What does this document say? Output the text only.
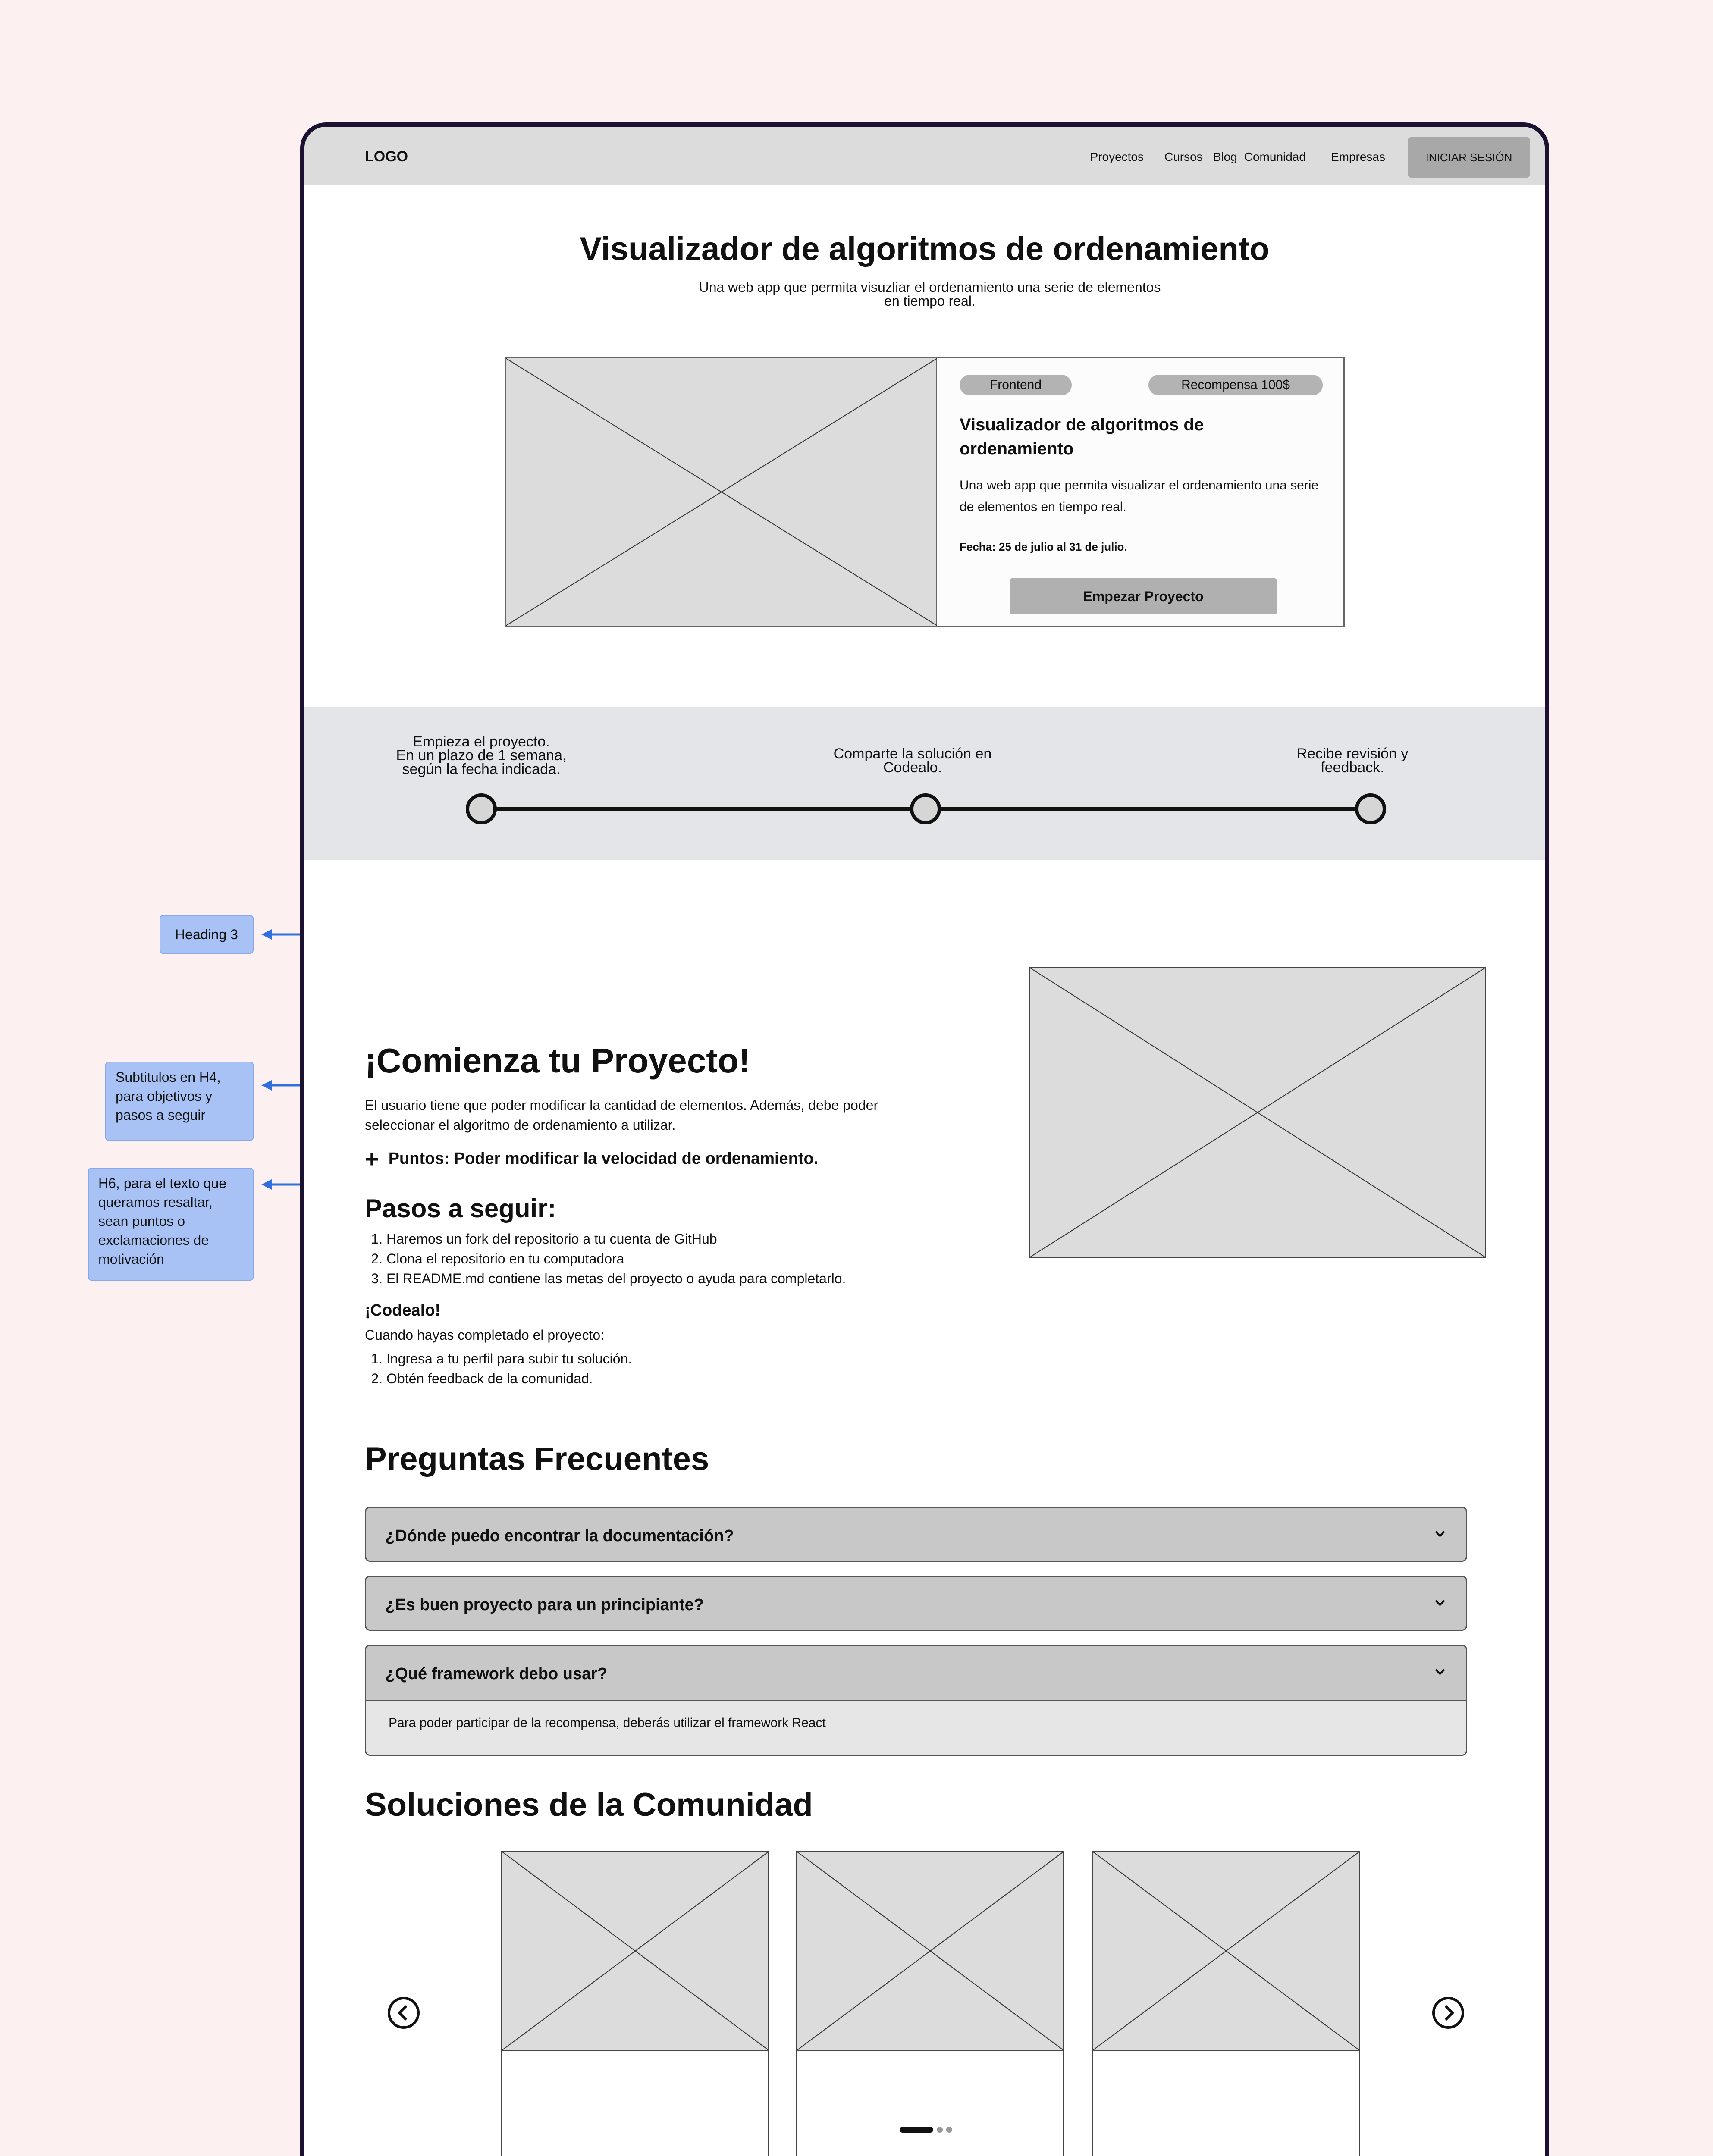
Heading 3
Subtitulos en H4, para objetivos y pasos a seguir
H6, para el texto que queramos resaltar, sean puntos o exclamaciones de motivación
LOGO	Proyectos Cursos Blog Comunidad Empresas	INICIAR SESIÓN
Visualizador de algoritmos de ordenamiento
Una web app que permita visuzliar el ordenamiento una serie de elementos
en tiempo real.
Frontend	Recompensa 100$
Visualizador de algoritmos de ordenamiento
Una web app que permita visualizar el ordenamiento una serie de elementos en tiempo real.
Fecha: 25 de julio al 31 de julio.
Empezar Proyecto
Empieza el proyecto.
En un plazo de 1 semana,
según la fecha indicada.
Comparte la solución en
Codealo.
Recibe revisión y
feedback.
¡Comienza tu Proyecto!
El usuario tiene que poder modificar la cantidad de elementos. Además, debe poder seleccionar el algoritmo de ordenamiento a utilizar.
+ Puntos: Poder modificar la velocidad de ordenamiento.
Pasos a seguir:
1. Haremos un fork del repositorio a tu cuenta de GitHub
2. Clona el repositorio en tu computadora
3. El README.md contiene las metas del proyecto o ayuda para completarlo.
¡Codealo!
Cuando hayas completado el proyecto:
1. Ingresa a tu perfil para subir tu solución.
2. Obtén feedback de la comunidad.
Preguntas Frecuentes
¿Dónde puedo encontrar la documentación?
¿Es buen proyecto para un principiante?
¿Qué framework debo usar?
Para poder participar de la recompensa, deberás utilizar el framework React
Soluciones de la Comunidad
